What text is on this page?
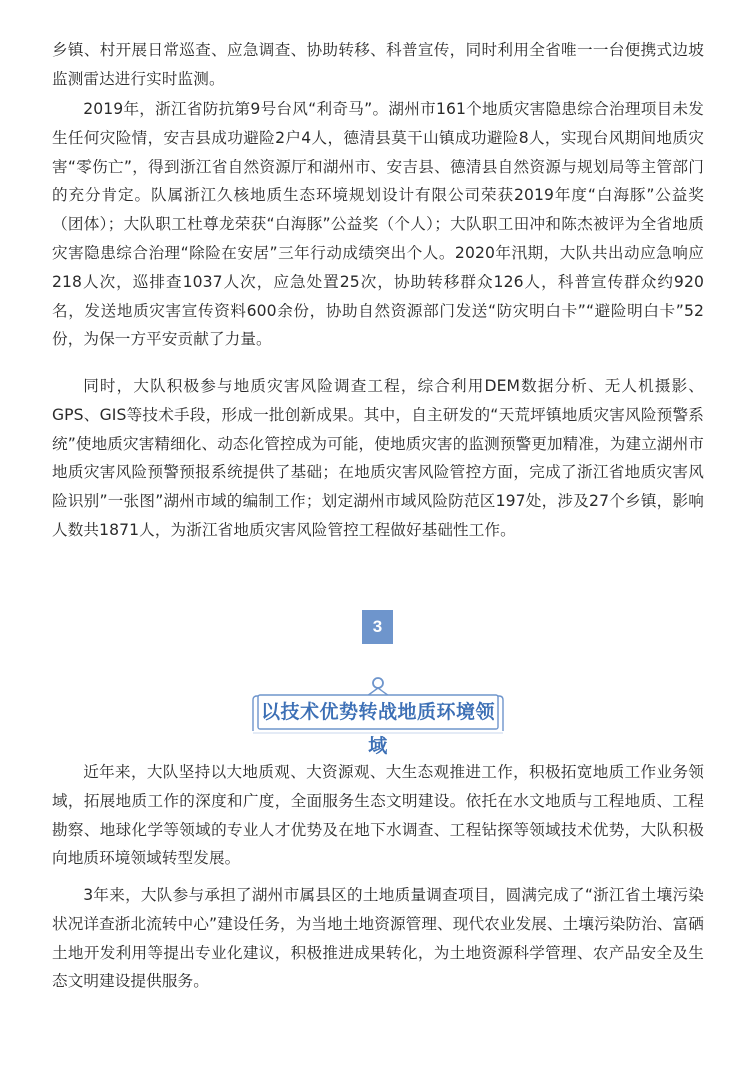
乡镇、村开展日常巡查、应急调查、协助转移、科普宣传，同时利用全省唯一一台便携式边坡监测雷达进行实时监测。

2019年，浙江省防抗第9号台风“利奇马”。湖州市161个地质灾害隐患综合治理项目未发生任何灾险情，安吉县成功避险2户4人，德清县莫干山镇成功避险8人，实现台风期间地质灾害“零伤亡”，得到浙江省自然资源厅和湖州市、安吉县、德清县自然资源与规划局等主管部门的充分肯定。队属浙江久核地质生态环境规划设计有限公司荣获2019年度“白海豚”公益奖（团体）；大队职工杜尊龙荣获“白海豚”公益奖（个人）；大队职工田冲和陈杰被评为全省地质灾害隐患综合治理“除险在安居”三年行动成绩突出个人。2020年汛期，大队共出动应急响应218人次，巡排查1037人次，应急处置25次，协助转移群众126人，科普宣传群众约920名，发送地质灾害宣传资料600余份，协助自然资源部门发送“防灾明白卡”“避险明白卡”52份，为保一方平安贡献了力量。

同时，大队积极参与地质灾害风险调查工程，综合利用DEM数据分析、无人机摄影、GPS、GIS等技术手段，形成一批创新成果。其中，自主研发的“天荒坪镇地质灾害风险预警系统”使地质灾害精细化、动态化管控成为可能，使地质灾害的监测预警更加精准，为建立湖州市地质灾害风险预警预报系统提供了基础；在地质灾害风险管控方面，完成了浙江省地质灾害风险识别”一张图”湖州市域的编制工作；划定湖州市域风险防范区197处，涉及27个乡镇，影响人数共1871人，为浙江省地质灾害风险管控工程做好基础性工作。

3
以技术优势转战地质环境领域

近年来，大队坚持以大地质观、大资源观、大生态观推进工作，积极拓宽地质工作业务领域，拓展地质工作的深度和广度，全面服务生态文明建设。依托在水文地质与工程地质、工程勘察、地球化学等领域的专业人才优势及在地下水调查、工程钻探等领域技术优势，大队积极向地质环境领域转型发展。

3年来，大队参与承担了湖州市属县区的土地质量调查项目，圆满完成了“浙江省土壤污染状况详查浙北流转中心”建设任务，为当地土地资源管理、现代农业发展、土壤污染防治、富硒土地开发利用等提出专业化建议，积极推进成果转化，为土地资源科学管理、农产品安全及生态文明建设提供服务。
